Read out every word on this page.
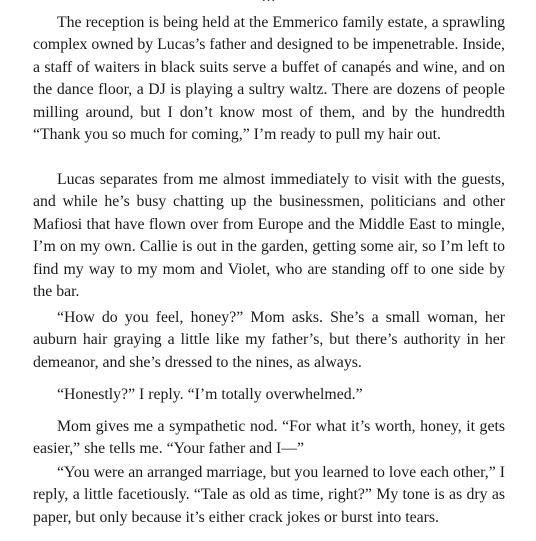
The reception is being held at the Emmerico family estate, a sprawling complex owned by Lucas’s father and designed to be impenetrable. Inside, a staff of waiters in black suits serve a buffet of canapés and wine, and on the dance floor, a DJ is playing a sultry waltz. There are dozens of people milling around, but I don’t know most of them, and by the hundredth “Thank you so much for coming,” I’m ready to pull my hair out.

Lucas separates from me almost immediately to visit with the guests, and while he’s busy chatting up the businessmen, politicians and other Mafiosi that have flown over from Europe and the Middle East to mingle, I’m on my own. Callie is out in the garden, getting some air, so I’m left to find my way to my mom and Violet, who are standing off to one side by the bar.

“How do you feel, honey?” Mom asks. She’s a small woman, her auburn hair graying a little like my father’s, but there’s authority in her demeanor, and she’s dressed to the nines, as always.

“Honestly?” I reply. “I’m totally overwhelmed.”

Mom gives me a sympathetic nod. “For what it’s worth, honey, it gets easier,” she tells me. “Your father and I—”

“You were an arranged marriage, but you learned to love each other,” I reply, a little facetiously. “Tale as old as time, right?” My tone is as dry as paper, but only because it’s either crack jokes or burst into tears.
